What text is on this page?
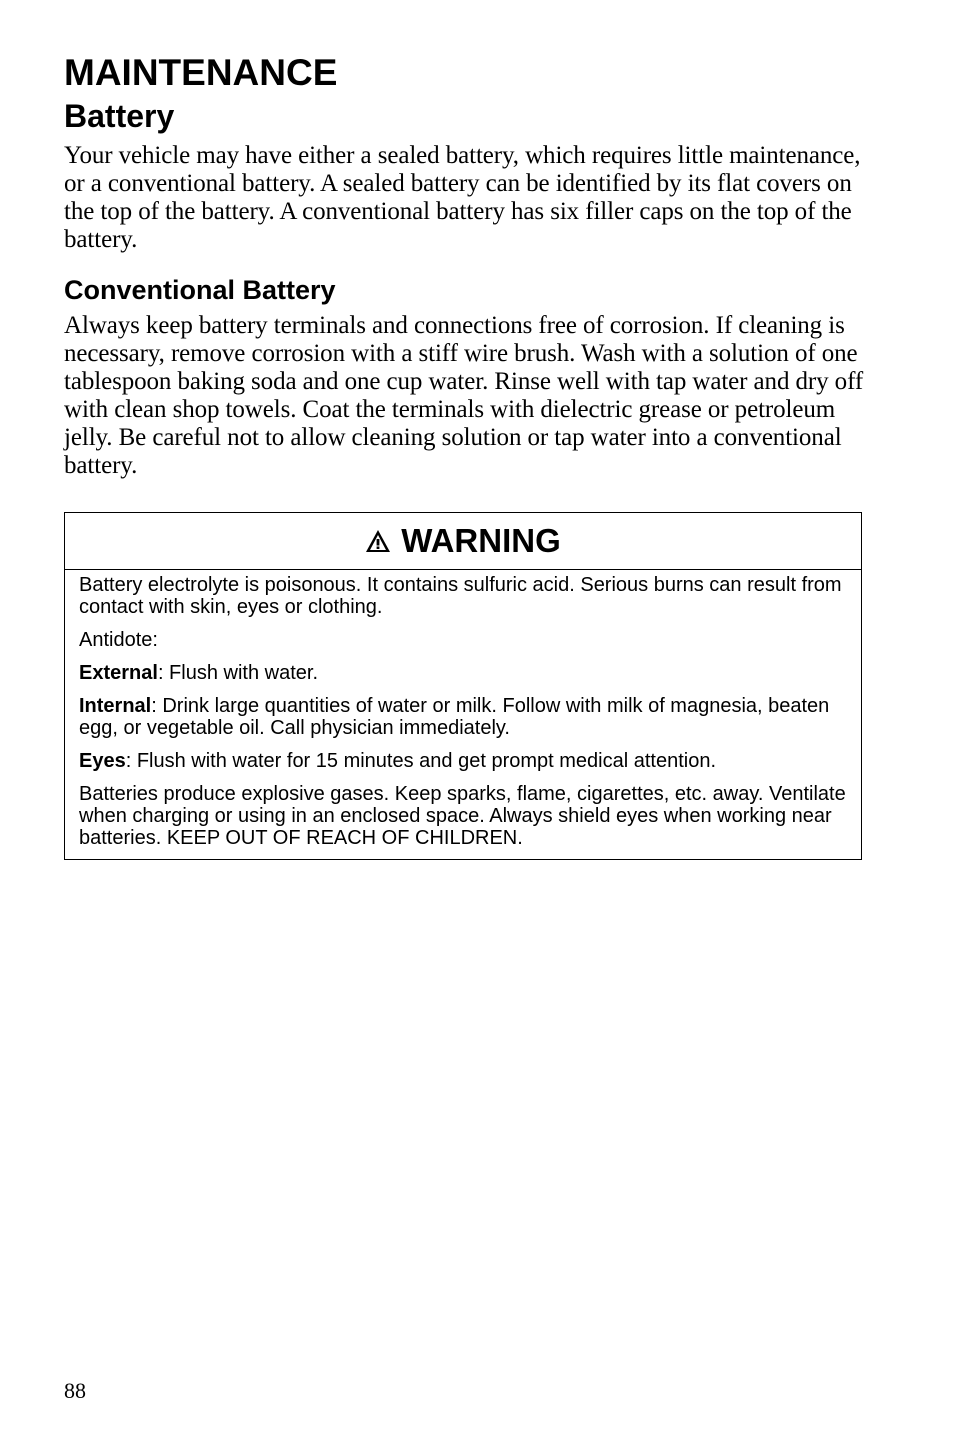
MAINTENANCE
Battery

Your vehicle may have either a sealed battery, which requires little maintenance, or a conventional battery. A sealed battery can be identified by its flat covers on the top of the battery. A conventional battery has six filler caps on the top of the battery.

Conventional Battery

Always keep battery terminals and connections free of corrosion. If cleaning is necessary, remove corrosion with a stiff wire brush. Wash with a solution of one tablespoon baking soda and one cup water. Rinse well with tap water and dry off with clean shop towels. Coat the terminals with dielectric grease or petroleum jelly. Be careful not to allow cleaning solution or tap water into a conventional battery.

WARNING

Battery electrolyte is poisonous. It contains sulfuric acid. Serious burns can result from contact with skin, eyes or clothing.

Antidote:

External: Flush with water.

Internal: Drink large quantities of water or milk. Follow with milk of magnesia, beaten egg, or vegetable oil. Call physician immediately.

Eyes: Flush with water for 15 minutes and get prompt medical attention.

Batteries produce explosive gases. Keep sparks, flame, cigarettes, etc. away. Ventilate when charging or using in an enclosed space. Always shield eyes when working near batteries. KEEP OUT OF REACH OF CHILDREN.

88
